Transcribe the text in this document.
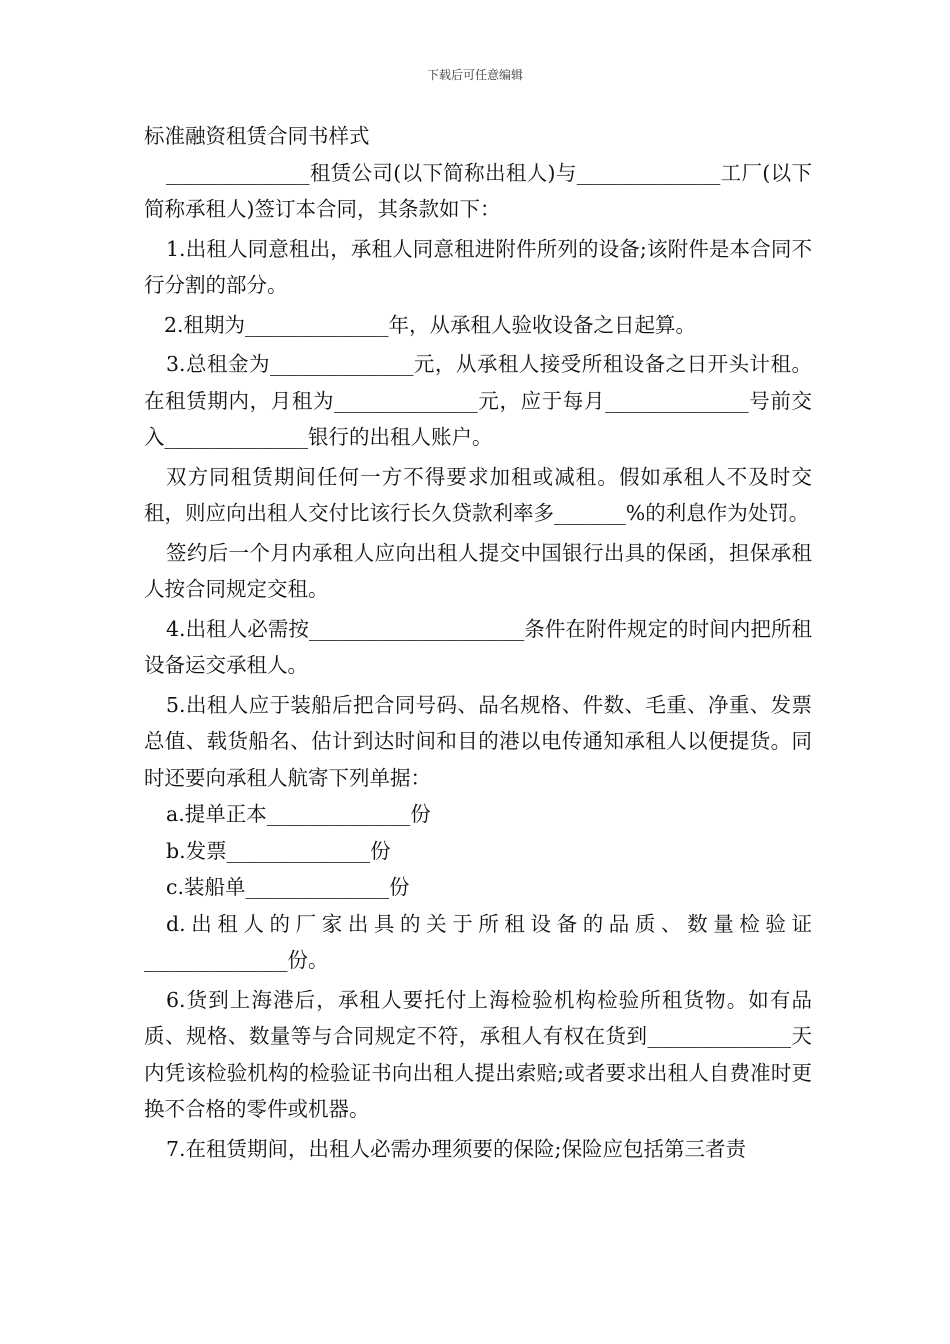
下载后可任意编辑
标准融资租赁合同书样式

______________租赁公司(以下简称出租人)与______________工厂(以下简称承租人)签订本合同，其条款如下：

1.出租人同意租出，承租人同意租进附件所列的设备;该附件是本合同不行分割的部分。

2.租期为______________年，从承租人验收设备之日起算。

3.总租金为______________元，从承租人接受所租设备之日开头计租。在租赁期内，月租为______________元，应于每月______________号前交入______________银行的出租人账户。

双方同租赁期间任何一方不得要求加租或减租。假如承租人不及时交租，则应向出租人交付比该行长久贷款利率多_______%的利息作为处罚。

签约后一个月内承租人应向出租人提交中国银行出具的保函，担保承租人按合同规定交租。

4.出租人必需按_____________________条件在附件规定的时间内把所租设备运交承租人。

5.出租人应于装船后把合同号码、品名规格、件数、毛重、净重、发票总值、载货船名、估计到达时间和目的港以电传通知承租人以便提货。同时还要向承租人航寄下列单据：

a.提单正本______________份

b.发票______________份

c.装船单______________份

d.出租人的厂家出具的关于所租设备的品质、数量检验证______________份。

6.货到上海港后，承租人要托付上海检验机构检验所租货物。如有品质、规格、数量等与合同规定不符，承租人有权在货到______________天内凭该检验机构的检验证书向出租人提出索赔;或者要求出租人自费准时更换不合格的零件或机器。

7.在租赁期间，出租人必需办理须要的保险;保险应包括第三者责
